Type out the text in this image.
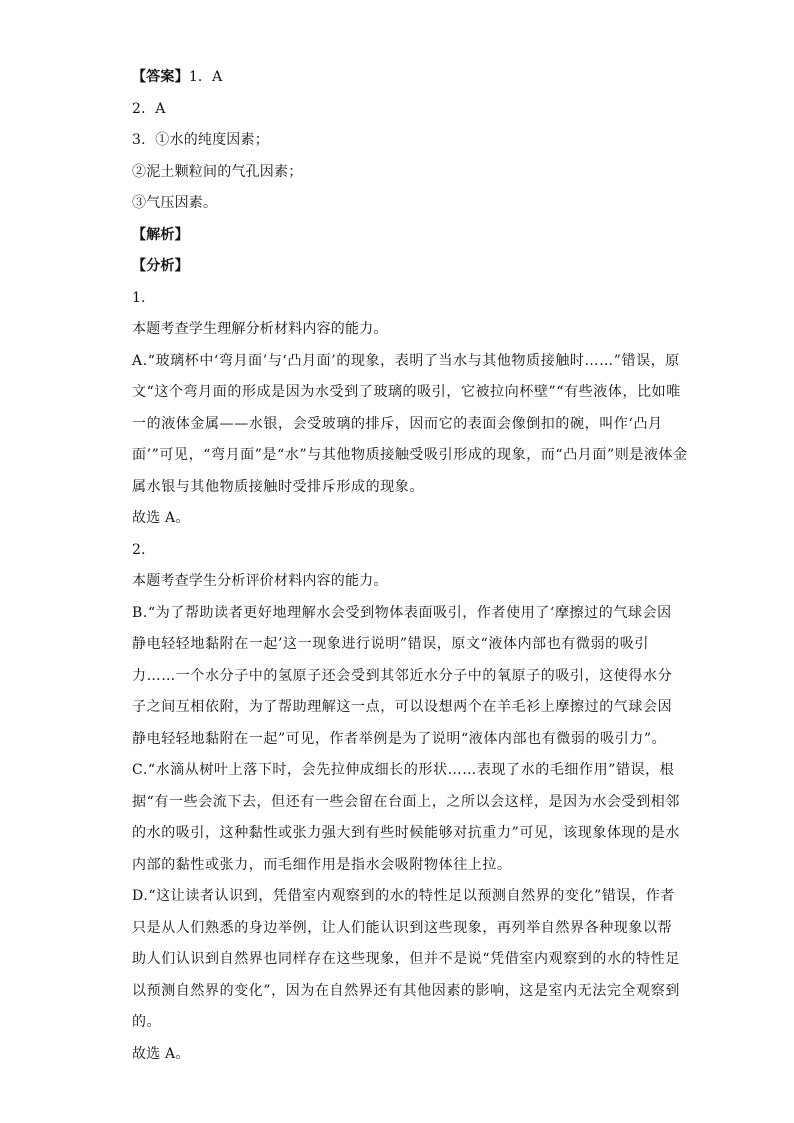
【答案】1．A
2．A
3．①水的纯度因素；
②泥土颗粒间的气孔因素；
③气压因素。
【解析】
【分析】
1．
本题考查学生理解分析材料内容的能力。
A.“玻璃杯中‘弯月面’与‘凸月面’的现象，表明了当水与其他物质接触时……”错误，原
文“这个弯月面的形成是因为水受到了玻璃的吸引，它被拉向杯壁”“有些液体，比如唯
一的液体金属——水银，会受玻璃的排斥，因而它的表面会像倒扣的碗，叫作‘凸月
面’”可见，“弯月面”是“水”与其他物质接触受吸引形成的现象，而“凸月面”则是液体金
属水银与其他物质接触时受排斥形成的现象。
故选 A。
2．
本题考查学生分析评价材料内容的能力。
B.“为了帮助读者更好地理解水会受到物体表面吸引，作者使用了‘摩擦过的气球会因
静电轻轻地黏附在一起’这一现象进行说明”错误，原文“液体内部也有微弱的吸引
力……一个水分子中的氢原子还会受到其邻近水分子中的氧原子的吸引，这使得水分
子之间互相依附，为了帮助理解这一点，可以设想两个在羊毛衫上摩擦过的气球会因
静电轻轻地黏附在一起”可见，作者举例是为了说明“液体内部也有微弱的吸引力”。
C.“水滴从树叶上落下时，会先拉伸成细长的形状……表现了水的毛细作用”错误，根
据“有一些会流下去，但还有一些会留在台面上，之所以会这样，是因为水会受到相邻
的水的吸引，这种黏性或张力强大到有些时候能够对抗重力”可见，该现象体现的是水
内部的黏性或张力，而毛细作用是指水会吸附物体往上拉。
D.“这让读者认识到，凭借室内观察到的水的特性足以预测自然界的变化”错误，作者
只是从人们熟悉的身边举例，让人们能认识到这些现象，再列举自然界各种现象以帮
助人们认识到自然界也同样存在这些现象，但并不是说“凭借室内观察到的水的特性足
以预测自然界的变化”，因为在自然界还有其他因素的影响，这是室内无法完全观察到
的。
故选 A。
